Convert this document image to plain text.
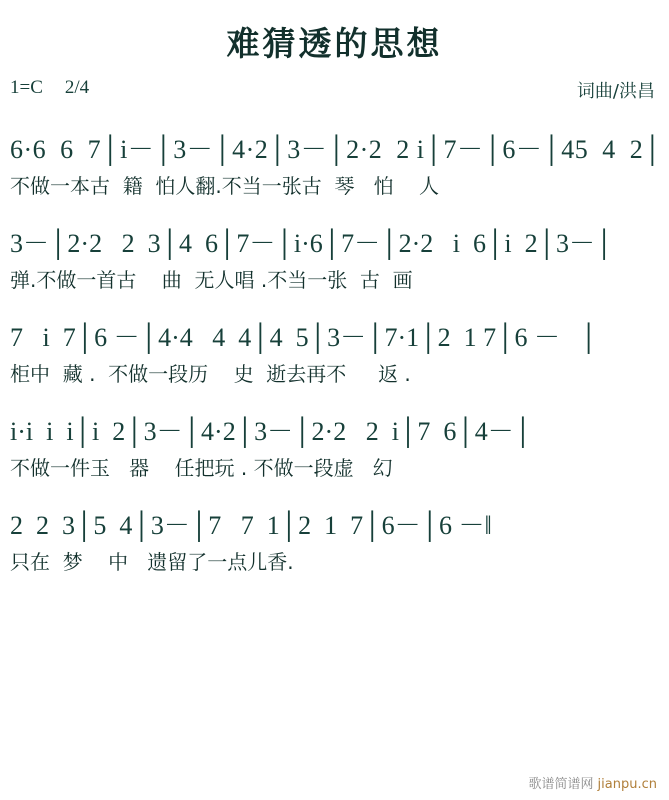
难猜透的思想
1=C 2/4	词曲/洪昌
6·6  6  7│i－│3－│4·2│3－│2·2  2 i│7－│6－│45  4  2│
不做一本古  籍  怕人翻.不当一张古  琴   怕    人
3－│2·2   2  3│4  6│7－│i·6│7－│2·2   i  6│i  2│3－│
弹.不做一首古    曲  无人唱 .不当一张  古  画
7   i  7│6 －│4·4   4  4│4  5│3－│7·1│2  1 7│6 －   │
柜中  藏 .  不做一段历    史  逝去再不     返 .
i·i  i  i│i  2│3－│4·2│3－│2·2   2  i│7  6│4－│
不做一件玉   器    任把玩 . 不做一段虚   幻
2  2  3│5  4│3－│7   7  1│2  1  7│6－│6 －‖
只在  梦    中   遗留了一点儿香.
歌谱简谱网 jianpu.cn
